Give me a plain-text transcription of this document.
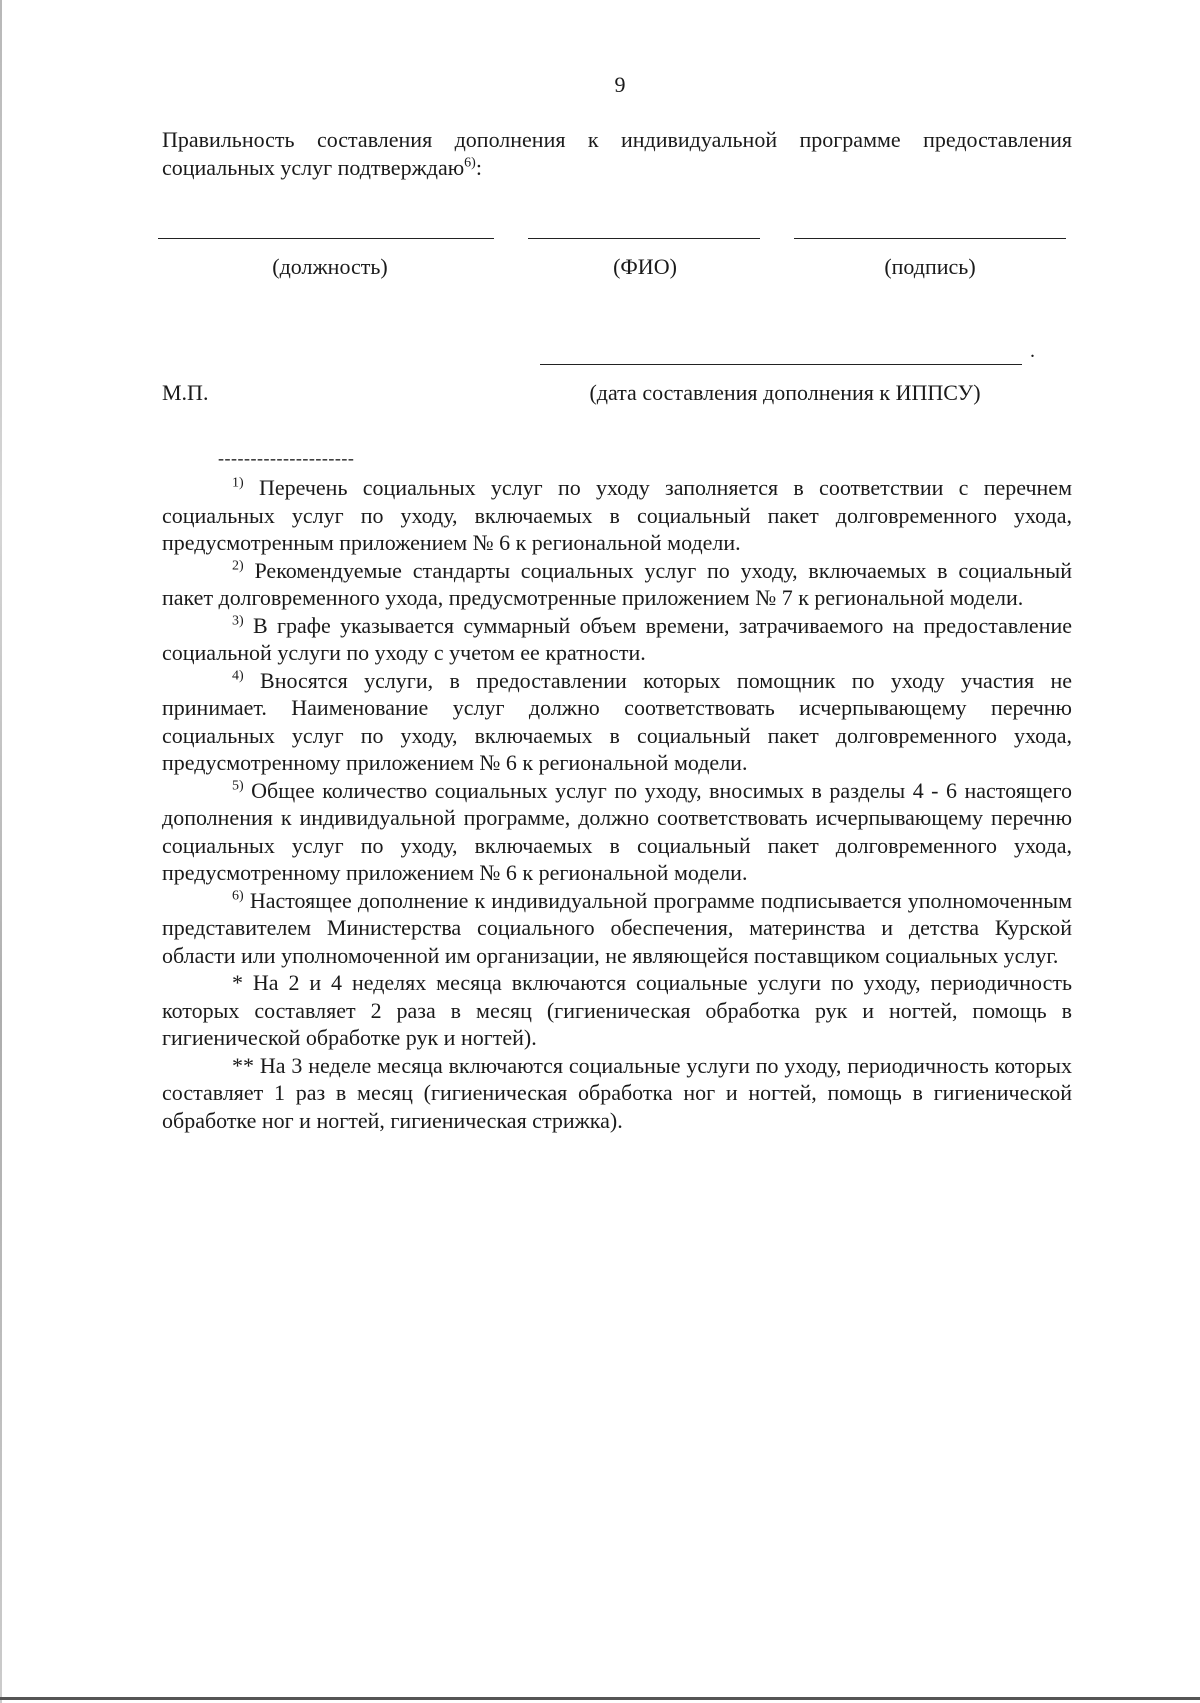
9

Правильность составления дополнения к индивидуальной программе предоставления социальных услуг подтверждаю$^{6)}$:

(должность)	(ФИО)	(подпись)
.
М.П.	(дата составления дополнения к ИППСУ)
---------------------

$^{1)}$ Перечень социальных услуг по уходу заполняется в соответствии с перечнем социальных услуг по уходу, включаемых в социальный пакет долговременного ухода, предусмотренным приложением № 6 к региональной модели.

$^{2)}$ Рекомендуемые стандарты социальных услуг по уходу, включаемых в социальный пакет долговременного ухода, предусмотренные приложением № 7 к региональной модели.

$^{3)}$ В графе указывается суммарный объем времени, затрачиваемого на предоставление социальной услуги по уходу с учетом ее кратности.

$^{4)}$ Вносятся услуги, в предоставлении которых помощник по уходу участия не принимает. Наименование услуг должно соответствовать исчерпывающему перечню социальных услуг по уходу, включаемых в социальный пакет долговременного ухода, предусмотренному приложением № 6 к региональной модели.

$^{5)}$ Общее количество социальных услуг по уходу, вносимых в разделы 4 - 6 настоящего дополнения к индивидуальной программе, должно соответствовать исчерпывающему перечню социальных услуг по уходу, включаемых в социальный пакет долговременного ухода, предусмотренному приложением № 6 к региональной модели.

$^{6)}$ Настоящее дополнение к индивидуальной программе подписывается уполномоченным представителем Министерства социального обеспечения, материнства и детства Курской области или уполномоченной им организации, не являющейся поставщиком социальных услуг.

* На 2 и 4 неделях месяца включаются социальные услуги по уходу, периодичность которых составляет 2 раза в месяц (гигиеническая обработка рук и ногтей, помощь в гигиенической обработке рук и ногтей).

** На 3 неделе месяца включаются социальные услуги по уходу, периодичность которых составляет 1 раз в месяц (гигиеническая обработка ног и ногтей, помощь в гигиенической обработке ног и ногтей, гигиеническая стрижка).
